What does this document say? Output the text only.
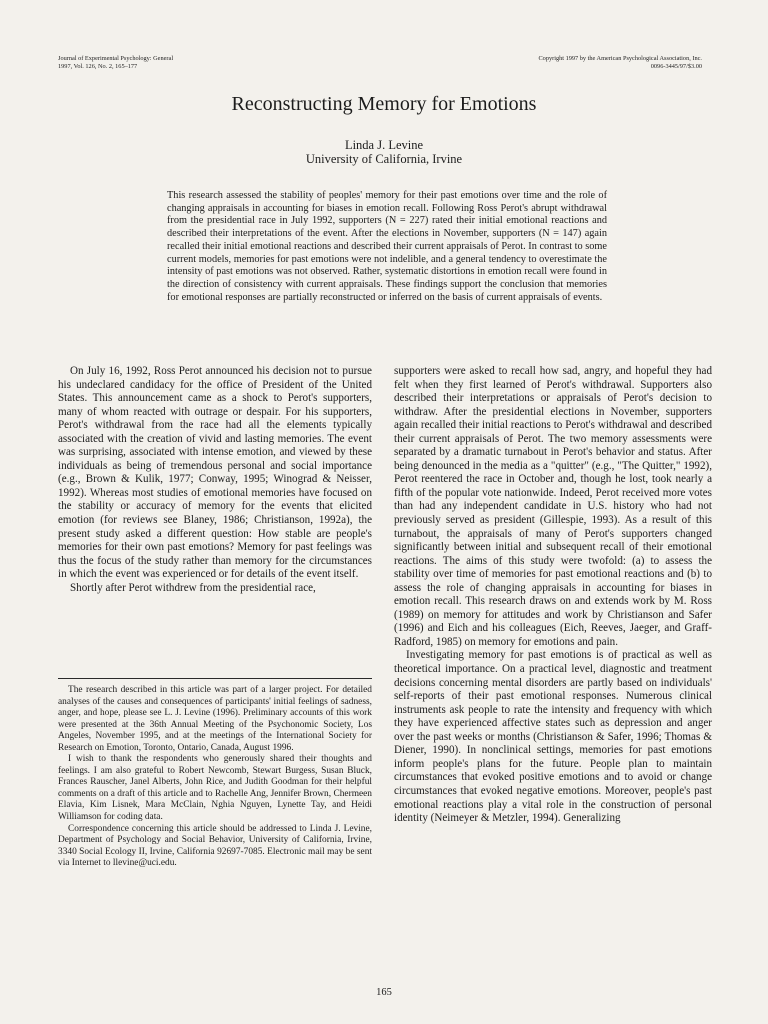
Journal of Experimental Psychology: General
1997, Vol. 126, No. 2, 165–177
Copyright 1997 by the American Psychological Association, Inc.
0096-3445/97/$3.00
Reconstructing Memory for Emotions
Linda J. Levine
University of California, Irvine
This research assessed the stability of peoples' memory for their past emotions over time and the role of changing appraisals in accounting for biases in emotion recall. Following Ross Perot's abrupt withdrawal from the presidential race in July 1992, supporters (N = 227) rated their initial emotional reactions and described their interpretations of the event. After the elections in November, supporters (N = 147) again recalled their initial emotional reactions and described their current appraisals of Perot. In contrast to some current models, memories for past emotions were not indelible, and a general tendency to overestimate the intensity of past emotions was not observed. Rather, systematic distortions in emotion recall were found in the direction of consistency with current appraisals. These findings support the conclusion that memories for emotional responses are partially reconstructed or inferred on the basis of current appraisals of events.

On July 16, 1992, Ross Perot announced his decision not to pursue his undeclared candidacy for the office of President of the United States. This announcement came as a shock to Perot's supporters, many of whom reacted with outrage or despair. For his supporters, Perot's withdrawal from the race had all the elements typically associated with the creation of vivid and lasting memories. The event was surprising, associated with intense emotion, and viewed by these individuals as being of tremendous personal and social importance (e.g., Brown & Kulik, 1977; Conway, 1995; Winograd & Neisser, 1992). Whereas most studies of emotional memories have focused on the stability or accuracy of memory for the events that elicited emotion (for reviews see Blaney, 1986; Christianson, 1992a), the present study asked a different question: How stable are people's memories for their own past emotions? Memory for past feelings was thus the focus of the study rather than memory for the circumstances in which the event was experienced or for details of the event itself.

Shortly after Perot withdrew from the presidential race,

The research described in this article was part of a larger project. For detailed analyses of the causes and consequences of participants' initial feelings of sadness, anger, and hope, please see L. J. Levine (1996). Preliminary accounts of this work were presented at the 36th Annual Meeting of the Psychonomic Society, Los Angeles, November 1995, and at the meetings of the International Society for Research on Emotion, Toronto, Ontario, Canada, August 1996.

I wish to thank the respondents who generously shared their thoughts and feelings. I am also grateful to Robert Newcomb, Stewart Burgess, Susan Bluck, Frances Rauscher, Janel Alberts, John Rice, and Judith Goodman for their helpful comments on a draft of this article and to Rachelle Ang, Jennifer Brown, Chermeen Elavia, Kim Lisnek, Mara McClain, Nghia Nguyen, Lynette Tay, and Heidi Williamson for coding data.

Correspondence concerning this article should be addressed to Linda J. Levine, Department of Psychology and Social Behavior, University of California, Irvine, 3340 Social Ecology II, Irvine, California 92697-7085. Electronic mail may be sent via Internet to llevine@uci.edu.

supporters were asked to recall how sad, angry, and hopeful they had felt when they first learned of Perot's withdrawal. Supporters also described their interpretations or appraisals of Perot's decision to withdraw. After the presidential elections in November, supporters again recalled their initial reactions to Perot's withdrawal and described their current appraisals of Perot. The two memory assessments were separated by a dramatic turnabout in Perot's behavior and status. After being denounced in the media as a "quitter" (e.g., "The Quitter," 1992), Perot reentered the race in October and, though he lost, took nearly a fifth of the popular vote nationwide. Indeed, Perot received more votes than had any independent candidate in U.S. history who had not previously served as president (Gillespie, 1993). As a result of this turnabout, the appraisals of many of Perot's supporters changed significantly between initial and subsequent recall of their emotional reactions. The aims of this study were twofold: (a) to assess the stability over time of memories for past emotional reactions and (b) to assess the role of changing appraisals in accounting for biases in emotion recall. This research draws on and extends work by M. Ross (1989) on memory for attitudes and work by Christianson and Safer (1996) and Eich and his colleagues (Eich, Reeves, Jaeger, and Graff-Radford, 1985) on memory for emotions and pain.

Investigating memory for past emotions is of practical as well as theoretical importance. On a practical level, diagnostic and treatment decisions concerning mental disorders are partly based on individuals' self-reports of their past emotional responses. Numerous clinical instruments ask people to rate the intensity and frequency with which they have experienced affective states such as depression and anger over the past weeks or months (Christianson & Safer, 1996; Thomas & Diener, 1990). In nonclinical settings, memories for past emotions inform people's plans for the future. People plan to maintain circumstances that evoked positive emotions and to avoid or change circumstances that evoked negative emotions. Moreover, people's past emotional reactions play a vital role in the construction of personal identity (Neimeyer & Metzler, 1994). Generalizing

165
